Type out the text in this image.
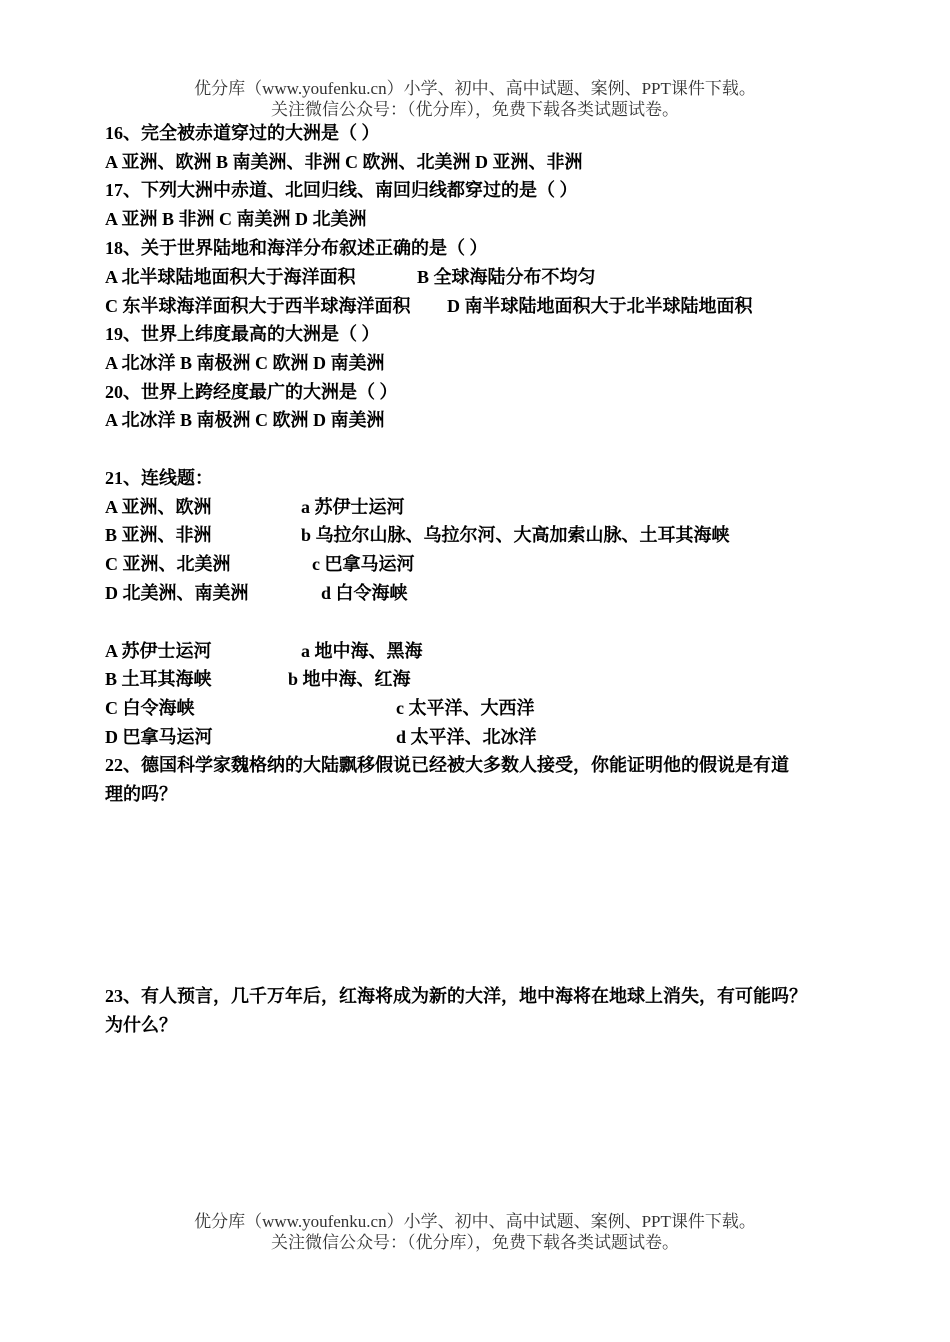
优分库（www.youfenku.cn）小学、初中、高中试题、案例、PPT课件下载。
关注微信公众号：（优分库），免费下载各类试题试卷。
16、完全被赤道穿过的大洲是（ ）
A 亚洲、欧洲 B 南美洲、非洲 C 欧洲、北美洲 D 亚洲、非洲
17、下列大洲中赤道、北回归线、南回归线都穿过的是（ ）
A 亚洲 B 非洲 C 南美洲 D 北美洲
18、关于世界陆地和海洋分布叙述正确的是（ ）
A 北半球陆地面积大于海洋面积	B 全球海陆分布不均匀
C 东半球海洋面积大于西半球海洋面积 D 南半球陆地面积大于北半球陆地面积
19、世界上纬度最高的大洲是（ ）
A 北冰洋 B 南极洲 C 欧洲 D 南美洲
20、世界上跨经度最广的大洲是（ ）
A 北冰洋 B 南极洲 C 欧洲 D 南美洲
21、连线题：
A 亚洲、欧洲	a 苏伊士运河
B 亚洲、非洲	b 乌拉尔山脉、乌拉尔河、大高加索山脉、土耳其海峡
C 亚洲、北美洲	c 巴拿马运河
D 北美洲、南美洲	d 白令海峡
A 苏伊士运河	a 地中海、黑海
B 土耳其海峡	b 地中海、红海
C 白令海峡	c 太平洋、大西洋
D 巴拿马运河	d 太平洋、北冰洋
22、德国科学家魏格纳的大陆飘移假说已经被大多数人接受，你能证明他的假说是有道
理的吗？
23、有人预言，几千万年后，红海将成为新的大洋，地中海将在地球上消失，有可能吗？
为什么？
优分库（www.youfenku.cn）小学、初中、高中试题、案例、PPT课件下载。
关注微信公众号：（优分库），免费下载各类试题试卷。
